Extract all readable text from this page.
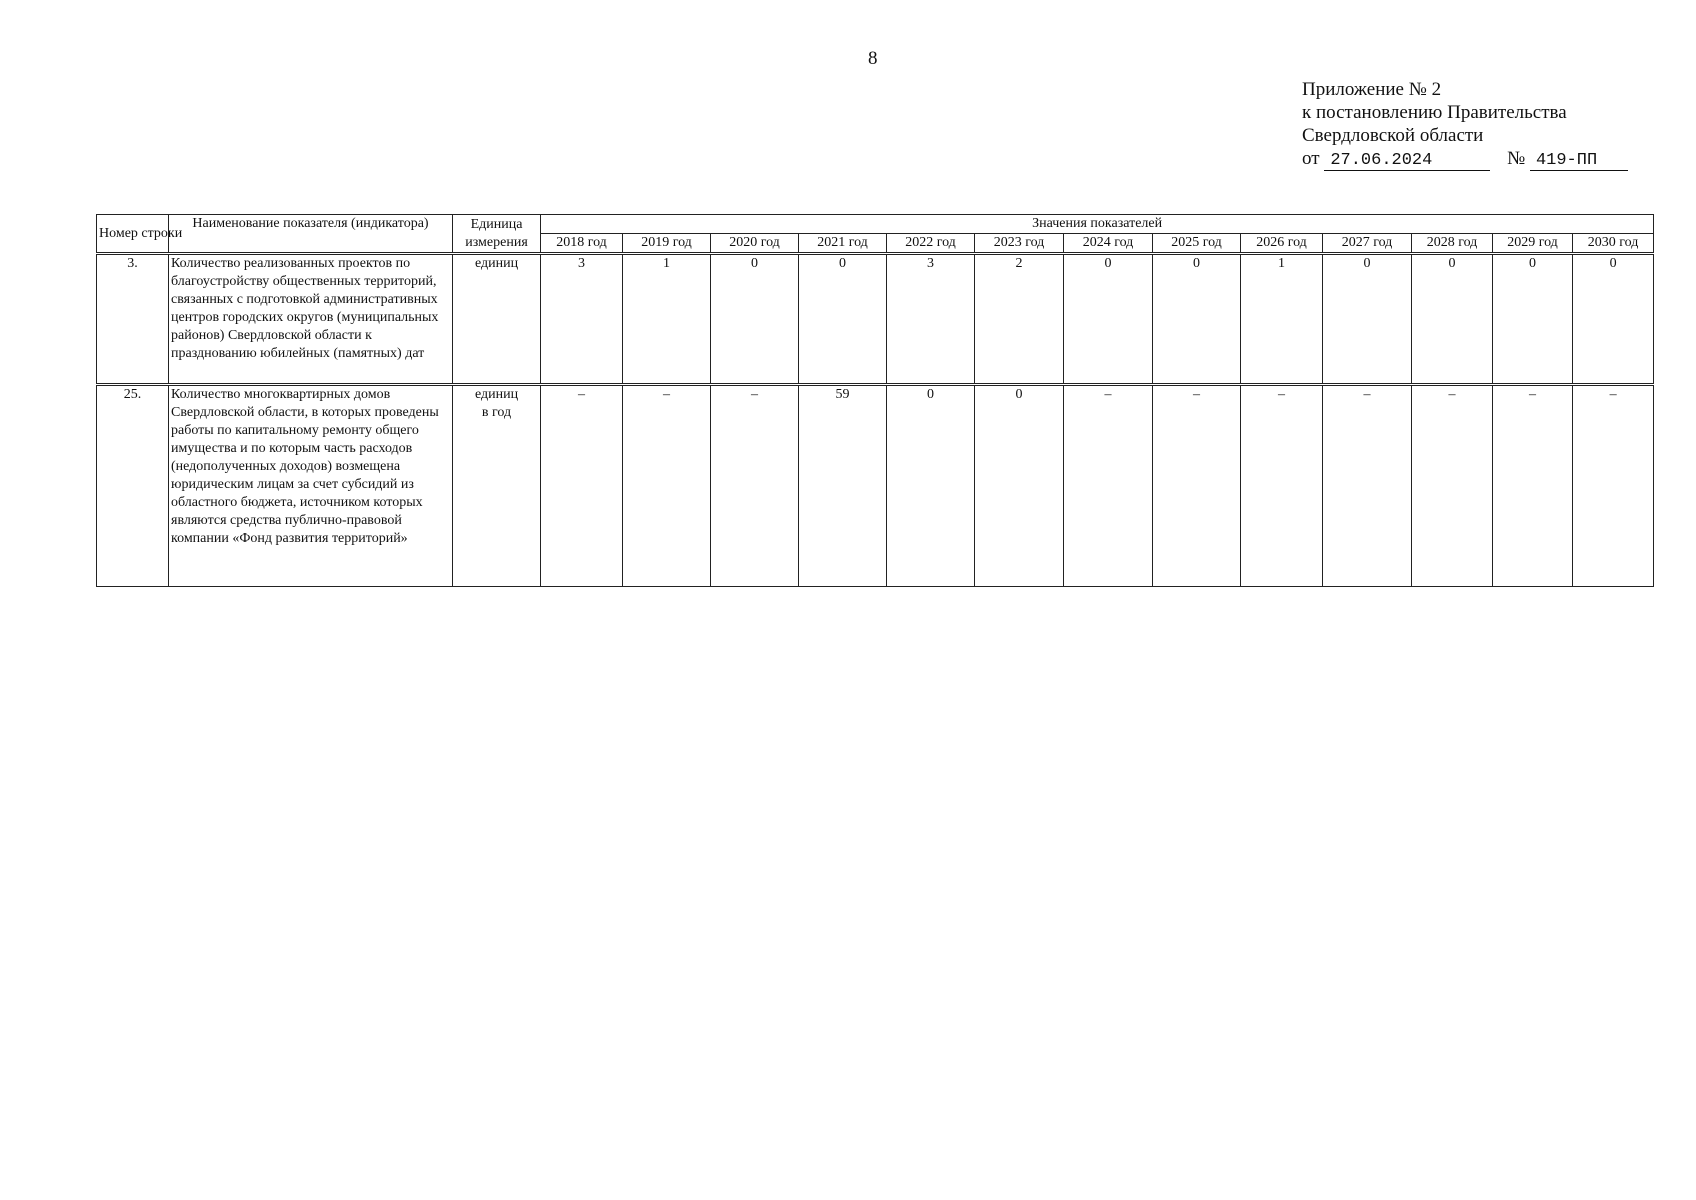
8
Приложение № 2
к постановлению Правительства
Свердловской области
от 27.06.2024	№ 419-ПП
Номер строки	Наименование показателя (индикатора)	Единица измерения	Значения показателей												
			2018 год	2019 год	2020 год	2021 год	2022 год	2023 год	2024 год	2025 год	2026 год	2027 год	2028 год	2029 год	2030 год
3.	Количество реализованных проектов по благоустройству общественных территорий, связанных с подготовкой административных центров городских округов (муниципальных районов) Свердловской области к празднованию юбилейных (памятных) дат	единиц	3	1	0	0	3	2	0	0	1	0	0	0	0
25.	Количество многоквартирных домов Свердловской области, в которых проведены работы по капитальному ремонту общего имущества и по которым часть расходов (недополученных доходов) возмещена юридическим лицам за счет субсидий из областного бюджета, источником которых являются средства публично-правовой компании «Фонд развития территорий»	единиц
в год	–	–	–	59	0	0	–	–	–	–	–	–	–
